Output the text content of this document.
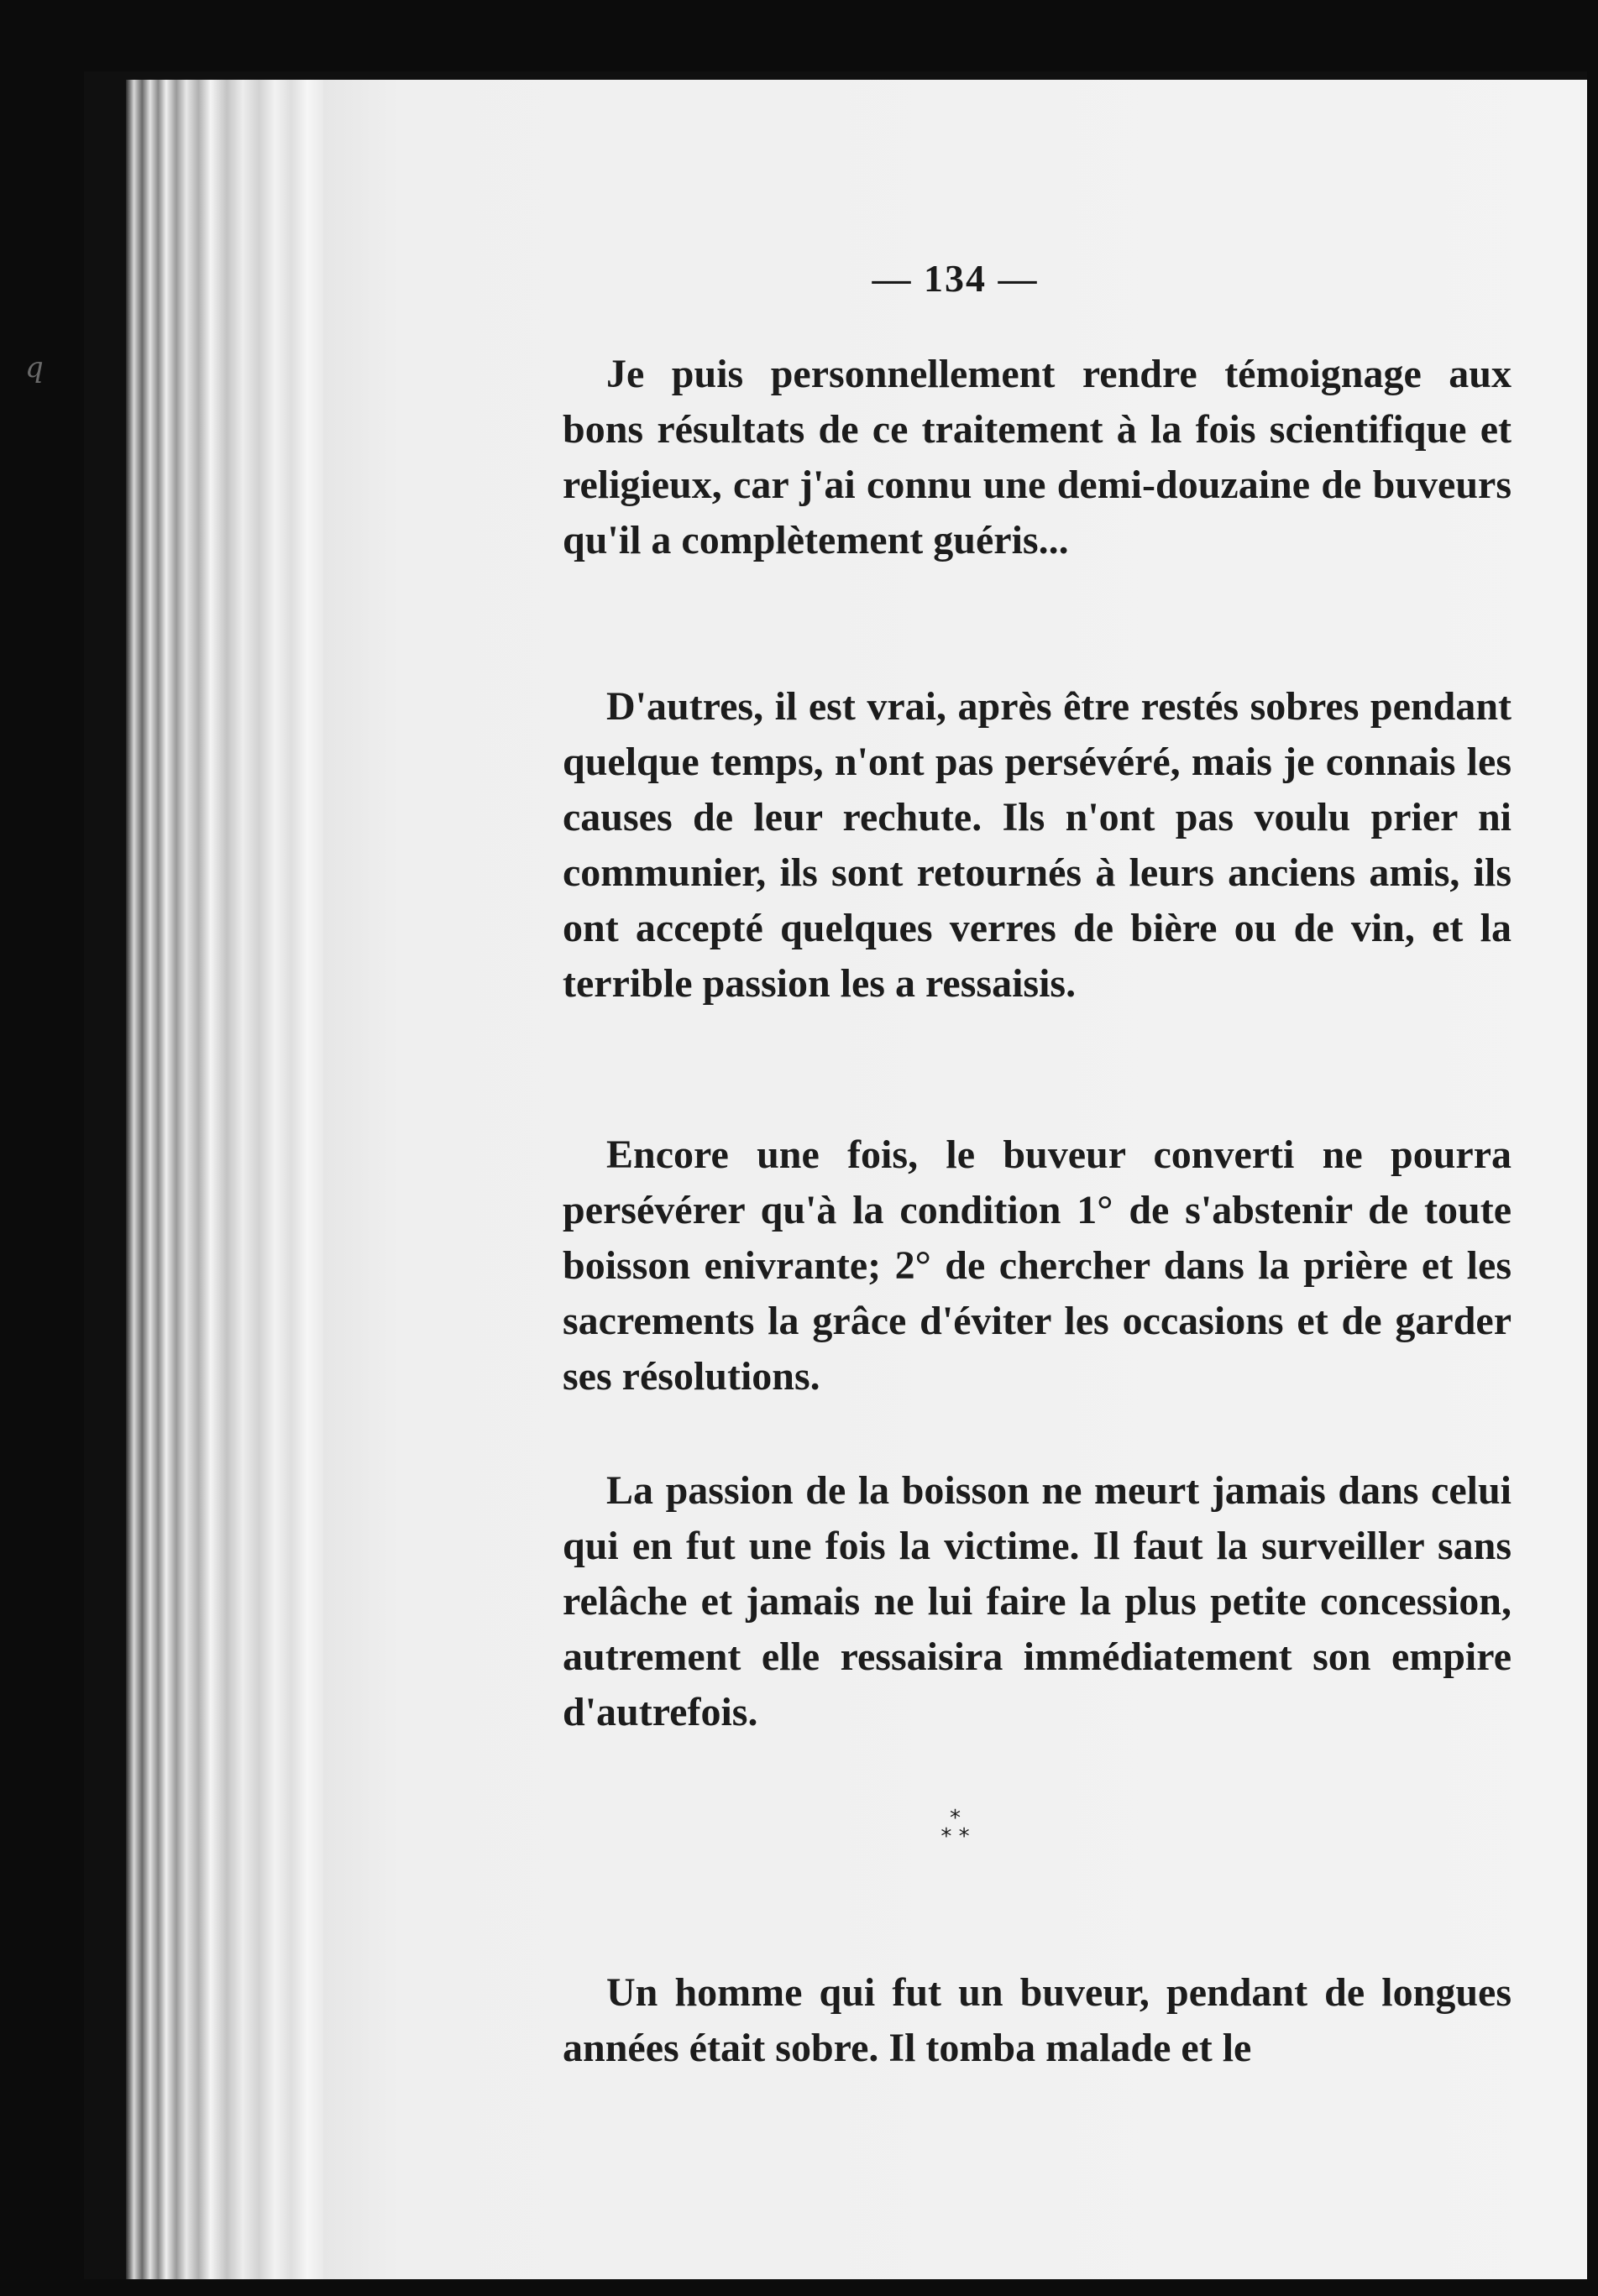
q

— 134 —

Je puis personnellement rendre témoignage aux bons résultats de ce traitement à la fois scientifique et religieux, car j'ai connu une demi-douzaine de buveurs qu'il a complètement guéris...

D'autres, il est vrai, après être restés sobres pendant quelque temps, n'ont pas persévéré, mais je connais les causes de leur rechute. Ils n'ont pas voulu prier ni communier, ils sont retournés à leurs anciens amis, ils ont accepté quelques verres de bière ou de vin, et la terrible passion les a ressaisis.

Encore une fois, le buveur converti ne pourra persévérer qu'à la condition 1° de s'abstenir de toute boisson enivrante; 2° de chercher dans la prière et les sacrements la grâce d'éviter les occasions et de garder ses résolutions.

La passion de la boisson ne meurt jamais dans celui qui en fut une fois la victime. Il faut la surveiller sans relâche et jamais ne lui faire la plus petite concession, autrement elle ressaisira immédiatement son empire d'autrefois.

*
* *

Un homme qui fut un buveur, pendant de longues années était sobre. Il tomba malade et le
